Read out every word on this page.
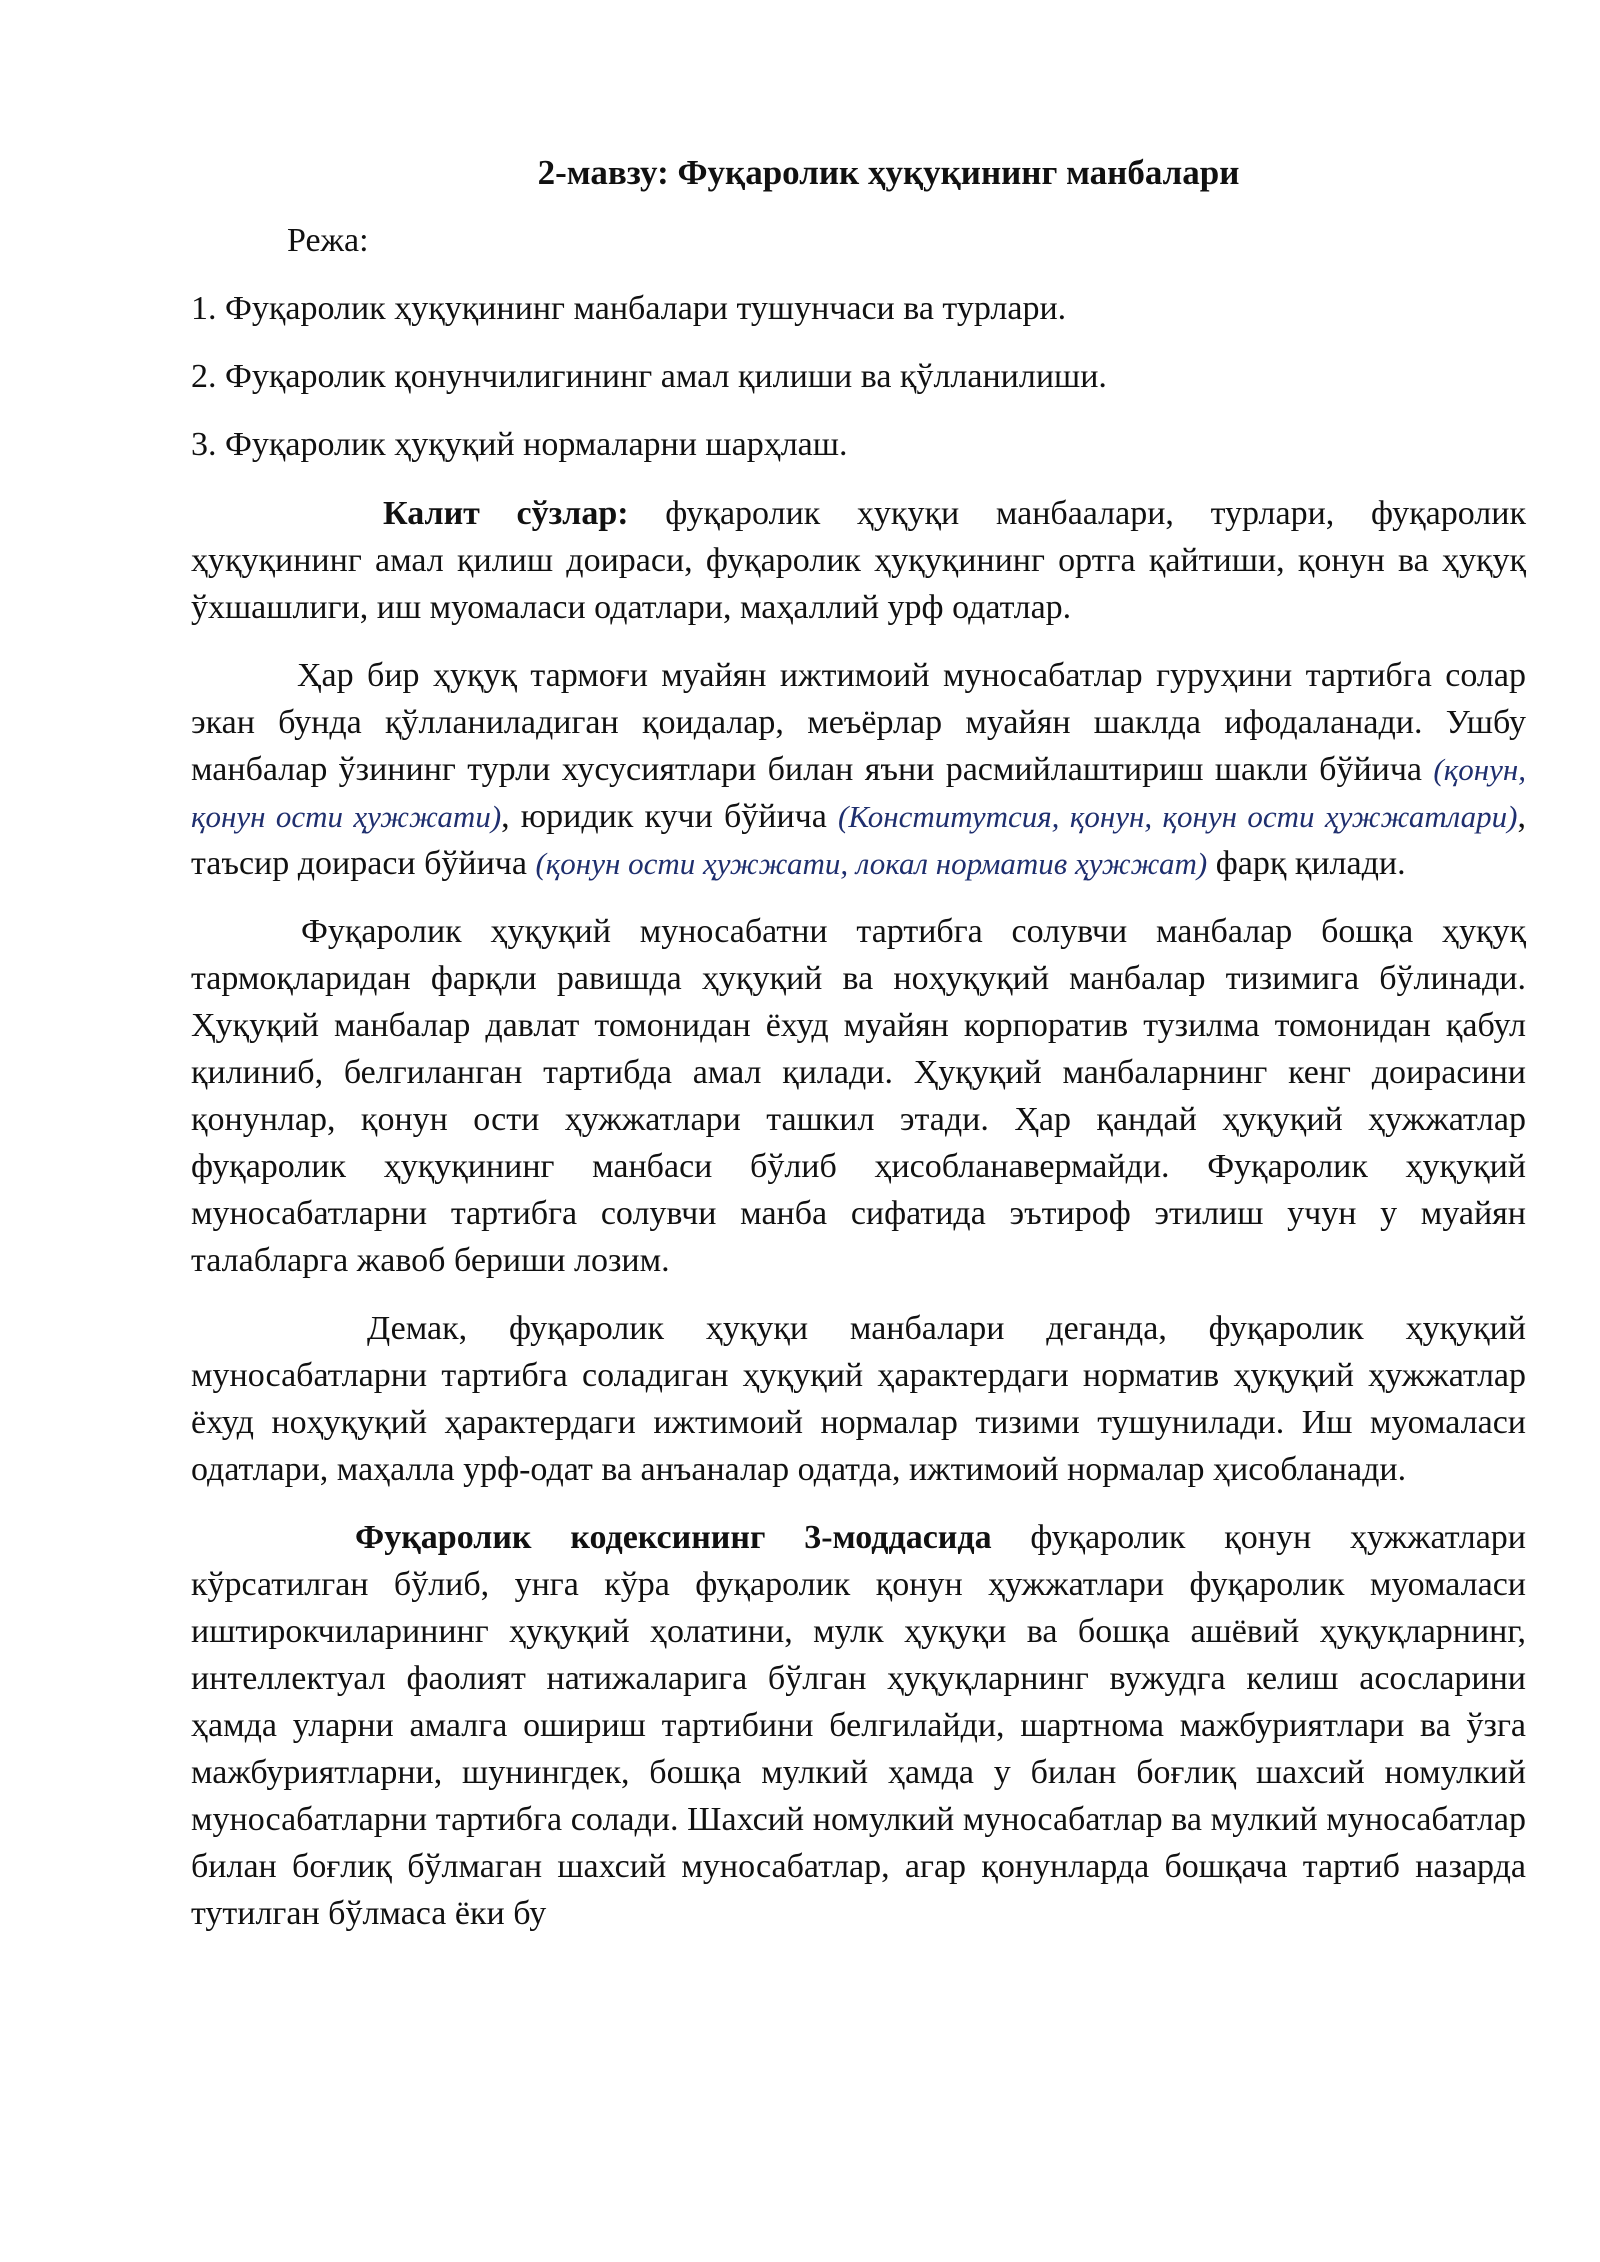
2-мавзу: Фуқаролик ҳуқуқининг манбалари
Режа:
1. Фуқаролик ҳуқуқининг манбалари тушунчаси ва турлари.
2. Фуқаролик қонунчилигининг амал қилиши ва қўлланилиши.
3. Фуқаролик ҳуқуқий нормаларни шарҳлаш.

Калит сўзлар: фуқаролик ҳуқуқи манбаалари, турлари, фуқаролик ҳуқуқининг амал қилиш доираси, фуқаролик ҳуқуқининг ортга қайтиши, қонун ва ҳуқуқ ўхшашлиги, иш муомаласи одатлари, маҳаллий урф одатлар.

Ҳар бир ҳуқуқ тармоғи муайян ижтимоий муносабатлар гуруҳини тартибга солар экан бунда қўлланиладиган қоидалар, меъёрлар муайян шаклда ифодаланади. Ушбу манбалар ўзининг турли хусусиятлари билан яъни расмийлаштириш шакли бўйича (қонун, қонун ости ҳужжати), юридик кучи бўйича (Конститутсия, қонун, қонун ости ҳужжатлари), таъсир доираси бўйича (қонун ости ҳужжати, локал норматив ҳужжат) фарқ қилади.

Фуқаролик ҳуқуқий муносабатни тартибга солувчи манбалар бошқа ҳуқуқ тармоқларидан фарқли равишда ҳуқуқий ва ноҳуқуқий манбалар тизимига бўлинади. Ҳуқуқий манбалар давлат томонидан ёхуд муайян корпоратив тузилма томонидан қабул қилиниб, белгиланган тартибда амал қилади. Ҳуқуқий манбаларнинг кенг доирасини қонунлар, қонун ости ҳужжатлари ташкил этади. Ҳар қандай ҳуқуқий ҳужжатлар фуқаролик ҳуқуқининг манбаси бўлиб ҳисобланавермайди. Фуқаролик ҳуқуқий муносабатларни тартибга солувчи манба сифатида эътироф этилиш учун у муайян талабларга жавоб бериши лозим.

Демак, фуқаролик ҳуқуқи манбалари деганда, фуқаролик ҳуқуқий муносабатларни тартибга соладиган ҳуқуқий ҳарактердаги норматив ҳуқуқий ҳужжатлар ёхуд ноҳуқуқий ҳарактердаги ижтимоий нормалар тизими тушунилади. Иш муомаласи одатлари, маҳалла урф-одат ва анъаналар одатда, ижтимоий нормалар ҳисобланади.

Фуқаролик кодексининг 3-моддасида фуқаролик қонун ҳужжатлари кўрсатилган бўлиб, унга кўра фуқаролик қонун ҳужжатлари фуқаролик муомаласи иштирокчиларининг ҳуқуқий ҳолатини, мулк ҳуқуқи ва бошқа ашёвий ҳуқуқларнинг, интеллектуал фаолият натижаларига бўлган ҳуқуқларнинг вужудга келиш асосларини ҳамда уларни амалга ошириш тартибини белгилайди, шартнома мажбуриятлари ва ўзга мажбуриятларни, шунингдек, бошқа мулкий ҳамда у билан боғлиқ шахсий номулкий муносабатларни тартибга солади. Шахсий номулкий муносабатлар ва мулкий муносабатлар билан боғлиқ бўлмаган шахсий муносабатлар, агар қонунларда бошқача тартиб назарда тутилган бўлмаса ёки бу
